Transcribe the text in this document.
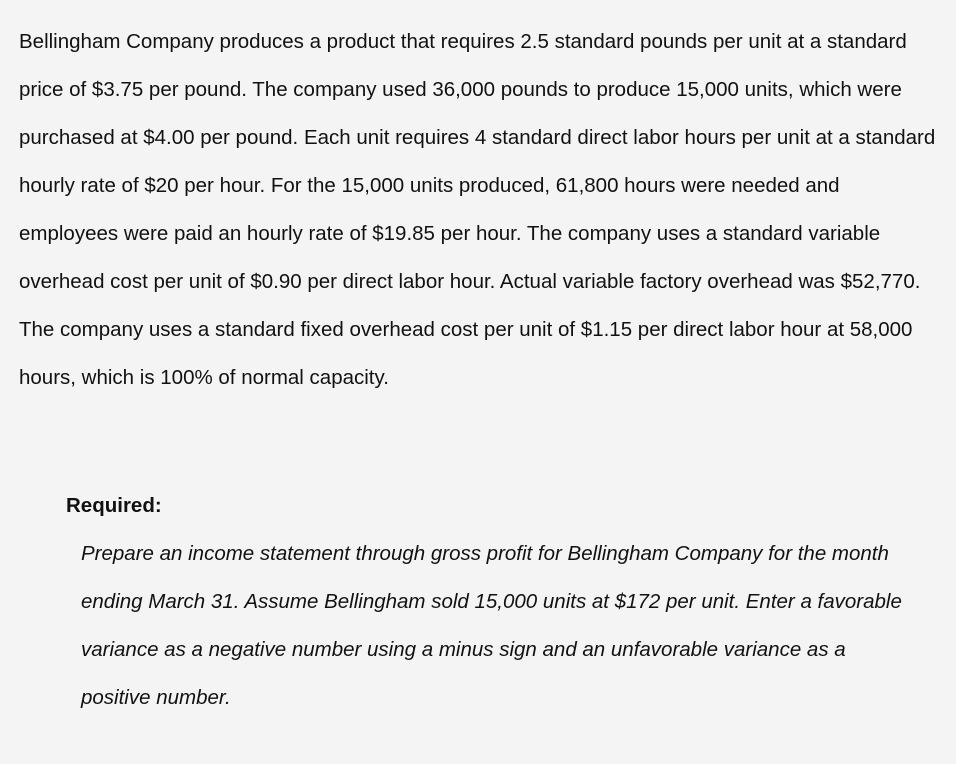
Bellingham Company produces a product that requires 2.5 standard pounds per unit at a standard price of $3.75 per pound. The company used 36,000 pounds to produce 15,000 units, which were purchased at $4.00 per pound. Each unit requires 4 standard direct labor hours per unit at a standard hourly rate of $20 per hour. For the 15,000 units produced, 61,800 hours were needed and employees were paid an hourly rate of $19.85 per hour. The company uses a standard variable overhead cost per unit of $0.90 per direct labor hour. Actual variable factory overhead was $52,770. The company uses a standard fixed overhead cost per unit of $1.15 per direct labor hour at 58,000 hours, which is 100% of normal capacity.

Required:

Prepare an income statement through gross profit for Bellingham Company for the month ending March 31. Assume Bellingham sold 15,000 units at $172 per unit. Enter a favorable variance as a negative number using a minus sign and an unfavorable variance as a positive number.
